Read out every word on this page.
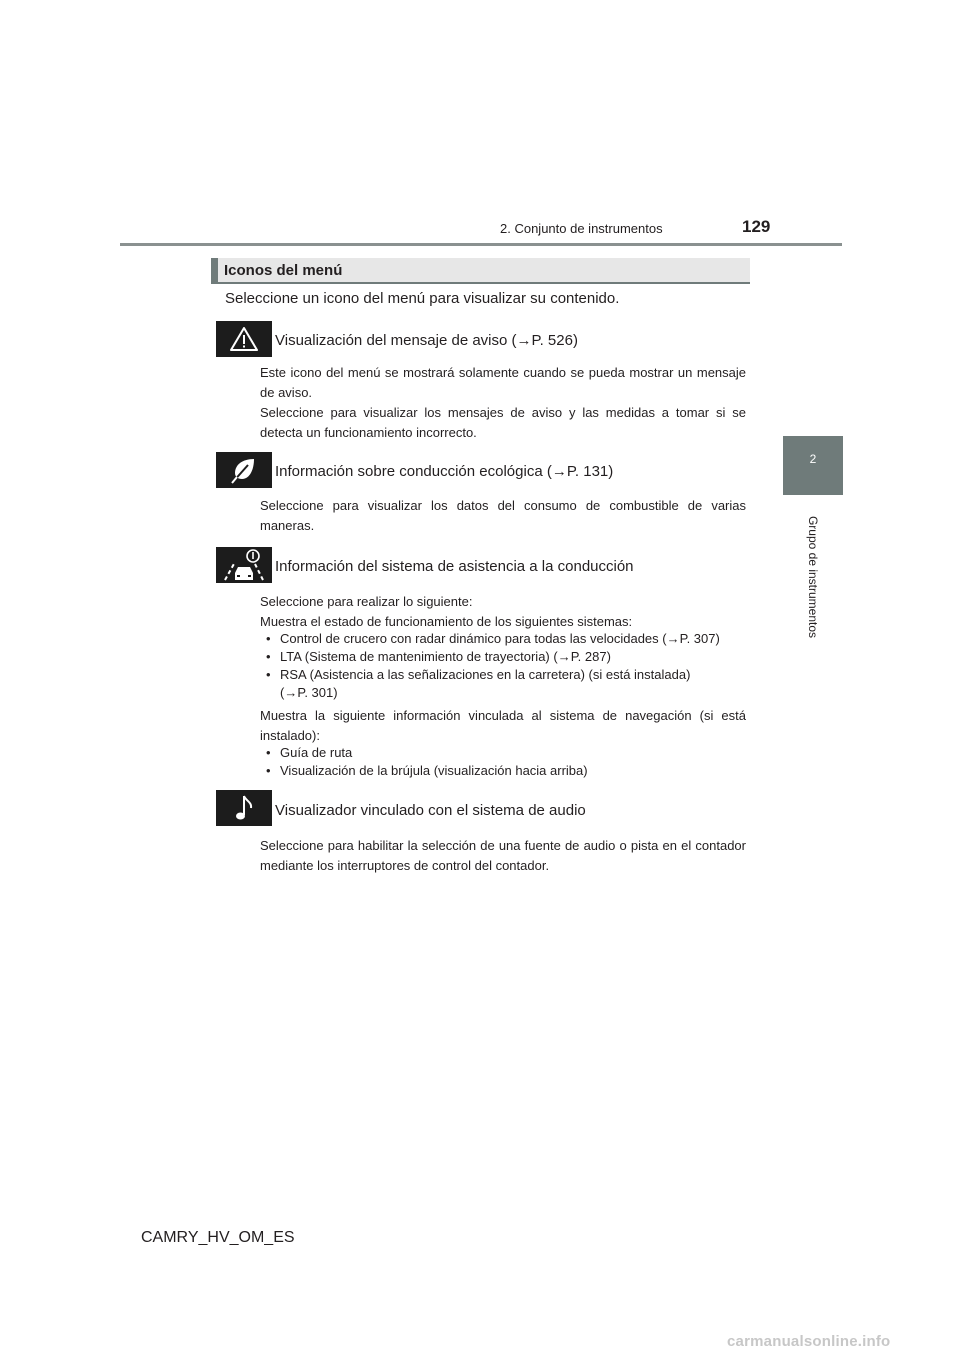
2. Conjunto de instrumentos	129
2
Grupo de instrumentos
Iconos del menú
Seleccione un icono del menú para visualizar su contenido.
Visualización del mensaje de aviso (→P. 526)

Este icono del menú se mostrará solamente cuando se pueda mostrar un mensaje de aviso.

Seleccione para visualizar los mensajes de aviso y las medidas a tomar si se detecta un funcionamiento incorrecto.

Información sobre conducción ecológica (→P. 131)

Seleccione para visualizar los datos del consumo de combustible de varias maneras.

Información del sistema de asistencia a la conducción

Seleccione para realizar lo siguiente:

Muestra el estado de funcionamiento de los siguientes sistemas:

• Control de crucero con radar dinámico para todas las velocidades (→P. 307)
• LTA (Sistema de mantenimiento de trayectoria) (→P. 287)
• RSA (Asistencia a las señalizaciones en la carretera) (si está instalada) (→P. 301)

Muestra la siguiente información vinculada al sistema de navegación (si está instalado):

• Guía de ruta
• Visualización de la brújula (visualización hacia arriba)
Visualizador vinculado con el sistema de audio

Seleccione para habilitar la selección de una fuente de audio o pista en el contador mediante los interruptores de control del contador.

CAMRY_HV_OM_ES
carmanualsonline.info
